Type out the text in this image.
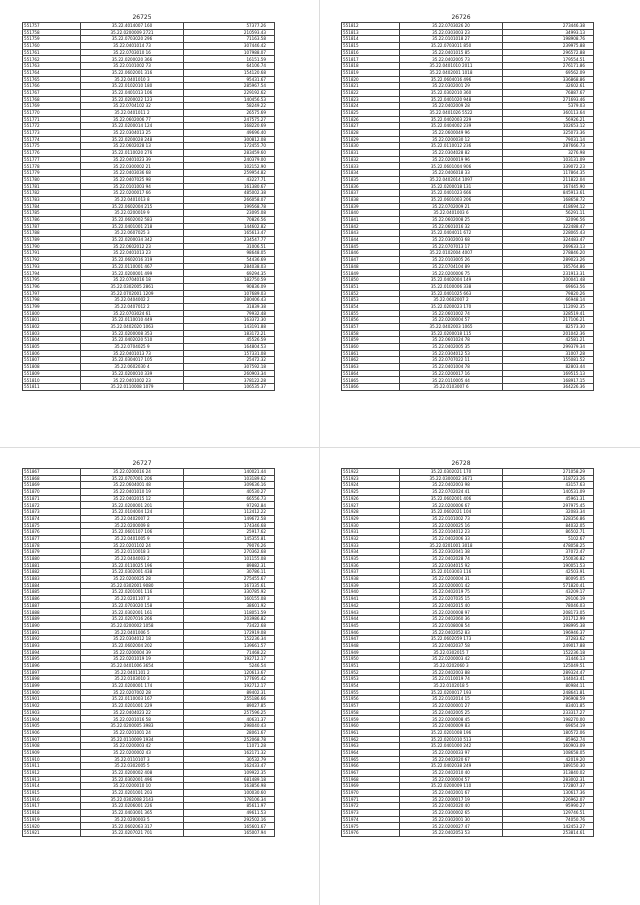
26725
551757	35.22.4014007 160	57377.26
551758	35.22.0200009 2721	210593.43
551759	35.22.0703020 296	71163.58
551760	35.22.0401014 73	307446.42
551761	35.22.0703010 16	107988.07
551762	35.22.0200020 366	16151.59
551763	35.22.0101002 73	64106.74
551764	35.22.0602001 316	154120.68
551765	35.22.0401010 3	95431.67
551766	35.22.0102010 180	285967.54
551767	35.22.0401013 106	229192.62
551768	35.22.0200022 123	140456.53
551769	35.22.0704102 32	58249.22
551770	35.22.0401011 2	26575.69
551771	35.22.0602006 77	247575.27
551772	35.22.0200014 124	168220.69
551773	35.22.0304013 25	49696.40
551774	35.22.0200028 248	300812.08
551775	35.22.0602028 13	172455.70
551776	35.22.0110020 276	283459.60
551777	35.22.0401023 39	240379.00
551778	35.22.0300002 21	102152.90
551779	35.22.0403036 68	259954.82
551780	35.22.0407025 98	43227.71
551781	35.22.0101003 94	161380.67
551782	35.22.0200017 66	485002.38
551783	35.22.0401013 8	266058.07
551784	35.22.0602004 215	199568.78
551785	35.22.0200019 9	23095.08
551786	35.22.0602002 583	70826.56
551787	35.22.0401001 218	144602.82
551788	35.22.0607025 3	165613.47
551789	35.22.0200034 342	234547.77
551790	35.22.0602012 23	31006.51
551791	35.22.0401013 23	98648.05
551792	35.22.0602016 319	54436.69
551793	35.22.0110001 467	284038.03
551794	35.22.0200001 499	69294.35
551795	35.22.0704016 18	182750.59
551796	35.22.0302005 2861	90836.09
551797	35.22.0702001 1209	107689.03
551798	35.22.0404002 2	280406.43
551799	35.22.0407012 2	31839.38
551800	35.22.0703024 61	79932.48
551801	35.22.0110010 449	163372.30
551802	35.22.0402020 1063	143191.88
551803	35.22.0200008 353	183172.21
551804	35.22.0402020 510	45526.59
551805	35.22.0704025 9	164804.53
551806	35.22.0401013 73	157331.08
551807	35.22.0304017 105	25472.32
551808	35.22.0602030 4	307592.18
551809	35.22.0200010 339	260903.34
551810	35.22.0401002 23	378122.28
551811	35.22.0110008 1079	106535.37
26726
551812	35.22.0703026 20	273446.38
551813	35.22.0303003 23	34993.13
551814	35.22.0101018 27	198908.76
551815	35.22.0703011 850	239975.88
551816	35.22.0401015 85	296572.88
551817	35.22.0402005 73	179554.51
551818	35.22.0401010 2011	276171.86
551819	35.22.0402001 1018	69562.09
551820	35.22.0604016 496	336868.86
551821	35.22.0302001 29	32602.61
551822	35.22.0302010 360	76887.67
551823	35.22.0401020 948	271693.46
551824	35.22.0402009 28	5379.03
551825	35.22.0401026 5522	360113.64
551826	35.22.0402003 229	56926.21
551827	35.22.0404002 239	102653.12
551828	35.22.0600049 96	325073.36
551829	35.22.0200030 12	79031.14
551830	35.22.0110012 236	287666.73
551831	35.22.0304028 82	3276.98
551832	35.22.0200019 96	103131.09
551833	35.22.0601004 906	339072.23
551834	35.22.0406018 33	117864.35
551835	35.22.0402014 1097	211822.04
551836	35.22.0200018 131	167445.90
551837	35.22.0401023 666	845913.61
551838	35.22.0601003 206	168658.72
551839	35.22.0702009 21	418694.12
551840	35.22.0401003 6	56291.11
551841	35.22.0602008 25	32096.56
551842	35.22.0601016 32	322488.47
551843	35.22.0404011 672	228065.43
551844	35.22.0302003 68	324483.47
551845	35.22.0707013 17	269633.13
551846	35.22.0102004 4007	278846.20
551847	35.22.0103005 26	289023.26
551848	35.22.0704104 89	165764.86
551849	35.22.0200006 75	231913.31
551850	35.22.0402004 149	200041.48
551851	35.22.0100006 338	69663.56
551852	35.22.0401025 663	79820.26
551853	35.22.0602007 2	66948.14
551854	35.22.0200023 170	112092.35
551855	35.22.0601002 74	328519.41
551856	35.22.0200004 57	217106.21
551857	35.22.0402003 1065	82573.30
551858	35.22.0200018 115	201042.36
551859	35.22.0601024 78	42581.21
551860	35.22.0402005 35	299379.34
551861	35.22.0304012 53	31007.28
551862	35.22.0707022 11	155081.52
551863	35.22.0401004 78	82803.44
551864	35.22.0200017 16	169515.13
551865	35.22.0110005 44	168917.15
551866	35.22.0103007 6	364226.36
26727
551867	35.22.0200016 24	140021.44
551868	35.22.0707001 206	103189.62
551869	35.22.0604001 48	309636.16
551870	35.22.0401010 19	40530.27
551871	35.22.0402015 12	66556.73
551872	35.22.0200001 201	97292.84
551873	35.22.0104004 124	112412.22
551874	35.22.0402007 2	149672.58
551875	35.22.0200009 8	174346.68
551876	35.22.0601107 106	25917.62
551877	35.22.0401005 9	145355.81
551878	35.22.0201102 24	79076.26
551879	35.22.0110018 3	270362.68
551880	35.22.0404003 2	101155.08
551881	35.22.0110025 196	89882.31
551882	35.22.0302001 438	30786.11
551883	35.22.0200025 28	275455.67
551884	35.22.0302001 9080	167335.61
551885	35.22.0201001 116	330785.92
551886	35.22.0201107 3	160155.08
551887	35.22.0703020 158	38601.92
551888	35.22.0302001 161	118051.59
551889	35.22.0207016 266	203986.82
551890	35.22.0200002 1058	73422.68
551891	35.22.0401006 5	172919.08
551892	35.22.0304012 18	152236.34
551893	35.22.0602004 202	139661.57
551894	35.22.0200004 39	71468.22
551895	35.22.0201019 19	192712.17
551896	35.22.0401006 3654	5246.54
551897	35.22.0401101 2	120613.67
551898	35.22.0103010 3	177695.42
551899	35.22.0200001 174	192712.17
551900	35.22.0207002 28	89402.31
551901	35.22.0110003 167	255186.66
551902	35.22.0201001 229	89027.85
551903	35.22.0404023 22	257596.25
551904	35.22.0201016 58	40631.37
551905	35.22.0200005 3983	298040.43
551906	35.22.0201001 24	28061.67
551907	35.22.0110009 1934	252068.78
551908	35.22.0200003 42	11071.28
551909	35.22.0200002 43	162171.32
551910	35.22.0110107 3	30532.79
551911	35.22.0302005 5	162433.47
551912	35.22.0200002 408	109922.35
551913	35.22.0302001 496	681489.18
551914	35.22.0200010 10	163856.98
551915	35.22.0201001 203	100030.60
551916	35.22.0302008 2143	178106.34
551917	35.22.0206001 226	85611.97
551918	35.22.0403001 365	49611.53
551919	35.22.0200003 5	292502.16
551920	35.22.0602063 317	165601.67
551921	35.22.0207021 701	165007.94
26728
551922	35.22.0302021 170	271058.29
551923	35.22.0300002 3671	318723.26
551924	35.22.0402003 98	43157.63
551925	35.22.0702024 41	140531.09
551926	35.22.0602001 406	45961.31
551927	35.22.0200006 67	297975.45
551928	35.22.0602021 104	32083.34
551929	35.22.0101002 73	328356.86
551930	35.22.0200025 16	84032.05
551931	35.22.0104012 23	86502.71
551932	35.22.0402006 33	5102.67
551933	35.22.0201001 3018	478058.25
551934	35.22.0302041 38	37072.47
551935	35.22.0402028 74	250036.82
551936	35.22.0304015 92	190051.53
551937	35.22.0103003 116	42503.91
551938	35.22.0200004 31	80095.05
551939	35.22.0200001 42	571820.41
551940	35.22.0402019 75	43209.17
551941	35.22.0207035 15	29106.19
551942	35.22.0402015 40	78046.03
551943	35.22.0200008 97	208173.05
551944	35.22.0402060 36	201712.99
551945	35.22.0108008 54	198995.38
551946	35.22.0402052 83	196946.37
551947	35.22.0602059 173	37283.62
551948	35.22.0402037 58	249017.88
551949	35.22.0302015 7	152236.18
551950	35.22.0200003 42	31446.13
551951	35.22.0202060 3	125049.51
551952	35.22.0402003 88	289324.47
551953	35.22.0110019 74	144043.41
551954	35.22.0102018 5	80984.11
551955	35.22.0200017 193	248641.81
551956	35.22.0102014 15	296908.59
551957	35.22.0200001 27	83401.85
551958	35.22.0402005 25	233317.27
551959	35.22.0200008 45	198270.00
551960	35.22.0400009 83	69654.19
551961	35.22.0201008 196	180572.06
551962	35.22.0201010 513	85962.74
551963	35.22.0401000 242	160903.09
551964	35.22.0200033 97	108658.05
551965	35.22.0402020 67	42019.20
551966	35.22.0402038 249	189150.30
551967	35.22.0402010 40	313840.02
551968	35.22.0200004 57	283002.31
551969	35.22.0200009 110	172807.37
551970	35.22.0402001 67	130617.36
551971	35.22.0200017 19	226962.07
551972	35.22.0402020 40	95990.27
551973	35.22.0300002 65	129746.51
551974	35.22.0302001 30	74050.76
551975	35.22.0200027 47	142453.27
551976	35.22.0402053 53	253814.61
